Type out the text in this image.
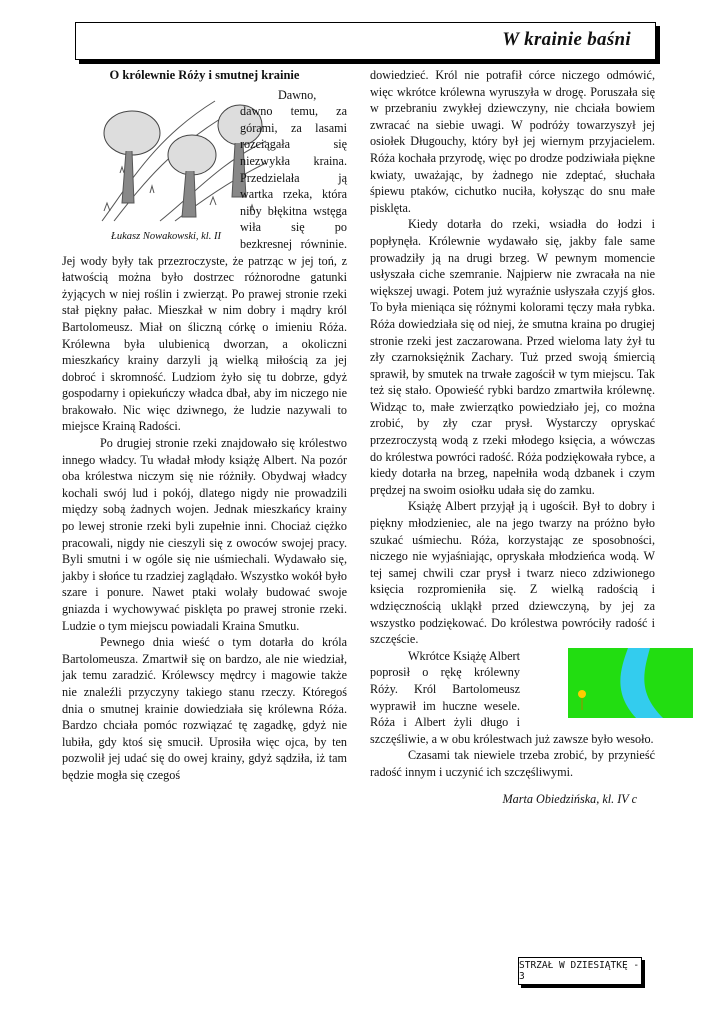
W krainie baśni
O królewnie Róży i smutnej krainie

Łukasz Nowakowski, kl. II
Dawno, dawno temu, za górami, za lasami rozciągała się niezwykła kraina. Przedzielała ją wartka rzeka, która niby błękitna wstęga wiła się po bezkresnej równinie. Jej wody były tak przezroczyste, że patrząc w jej toń, z łatwością można było dostrzec różnorodne gatunki żyjących w niej roślin i zwierząt. Po prawej stronie rzeki stał piękny pałac. Mieszkał w nim dobry i mądry król Bartolomeusz. Miał on śliczną córkę o imieniu Róża. Królewna była ulubienicą dworzan, a okoliczni mieszkańcy krainy darzyli ją wielką miłością za jej dobroć i skromność. Ludziom żyło się tu dobrze, gdyż gospodarny i opiekuńczy władca dbał, aby im niczego nie brakowało. Nic więc dziwnego, że ludzie nazywali to miejsce Krainą Radości.

Po drugiej stronie rzeki znajdowało się królestwo innego władcy. Tu władał młody książę Albert. Na pozór oba królestwa niczym się nie różniły. Obydwaj władcy kochali swój lud i pokój, dlatego nigdy nie prowadzili między sobą żadnych wojen. Jednak mieszkańcy krainy po lewej stronie rzeki byli zupełnie inni. Chociaż ciężko pracowali, nigdy nie cieszyli się z owoców swojej pracy. Byli smutni i w ogóle się nie uśmiechali. Wydawało się, jakby i słońce tu rzadziej zaglądało. Wszystko wokół było szare i ponure. Nawet ptaki wolały budować swoje gniazda i wychowywać pisklęta po prawej stronie rzeki. Ludzie o tym miejscu powiadali Kraina Smutku.

Pewnego dnia wieść o tym dotarła do króla Bartolomeusza. Zmartwił się on bardzo, ale nie wiedział, jak temu zaradzić. Królewscy mędrcy i magowie także nie znaleźli przyczyny takiego stanu rzeczy. Któregoś dnia o smutnej krainie dowiedziała się królewna Róża. Bardzo chciała pomóc rozwiązać tę zagadkę, gdyż nie lubiła, gdy ktoś się smucił. Uprosiła więc ojca, by ten pozwolił jej udać się do owej krainy, gdyż sądziła, iż tam będzie mogła się czegoś

dowiedzieć. Król nie potrafił córce niczego odmówić, więc wkrótce królewna wyruszyła w drogę. Poruszała się w przebraniu zwykłej dziewczyny, nie chciała bowiem zwracać na siebie uwagi. W podróży towarzyszył jej osiołek Długouchy, który był jej wiernym przyjacielem. Róża kochała przyrodę, więc po drodze podziwiała piękne kwiaty, uważając, by żadnego nie zdeptać, słuchała śpiewu ptaków, cichutko nuciła, kołysząc do snu małe pisklęta.

Kiedy dotarła do rzeki, wsiadła do łodzi i popłynęła. Królewnie wydawało się, jakby fale same prowadziły ją na drugi brzeg. W pewnym momencie usłyszała ciche szemranie. Najpierw nie zwracała na nie większej uwagi. Potem już wyraźnie usłyszała czyjś głos. To była mieniąca się różnymi kolorami tęczy mała rybka. Róża dowiedziała się od niej, że smutna kraina po drugiej stronie rzeki jest zaczarowana. Przed wieloma laty żył tu zły czarnoksiężnik Zachary. Tuż przed swoją śmiercią sprawił, by smutek na trwałe zagościł w tym miejscu. Tak też się stało. Opowieść rybki bardzo zmartwiła królewnę. Widząc to, małe zwierzątko powiedziało jej, co można zrobić, by zły czar prysł. Wystarczy opryskać przezroczystą wodą z rzeki młodego księcia, a wówczas do królestwa powróci radość. Róża podziękowała rybce, a kiedy dotarła na brzeg, napełniła wodą dzbanek i czym prędzej na swoim osiołku udała się do zamku.

Książę Albert przyjął ją i ugościł. Był to dobry i piękny młodzieniec, ale na jego twarzy na próżno było szukać uśmiechu. Róża, korzystając ze sposobności, niczego nie wyjaśniając, opryskała młodzieńca wodą. W tej samej chwili czar prysł i twarz nieco zdziwionego księcia rozpromieniła się. Z wielką radością i wdzięcznością ukląkł przed dziewczyną, by jej za wszystko podziękować. Do królestwa powróciły radość i szczęście.

Wkrótce Książę Albert poprosił o rękę królewny Róży. Król Bartolomeusz wyprawił im huczne wesele. Róża i Albert żyli długo i szczęśliwie, a w obu królestwach już zawsze było wesoło.

Czasami tak niewiele trzeba zrobić, by przynieść radość innym i uczynić ich szczęśliwymi.

Marta Obiedzińska, kl. IV c
STRZAŁ W DZIESIĄTKĘ - 3
